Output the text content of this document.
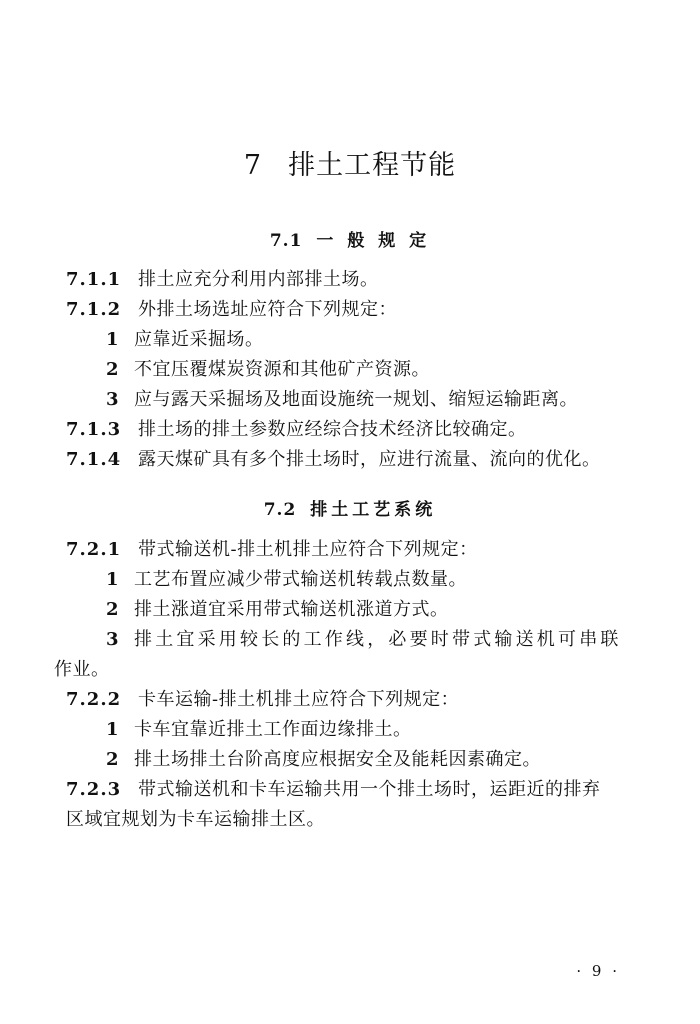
7 排土工程节能
7.1 一 般 规 定
7.1.1 排土应充分利用内部排土场。
7.1.2 外排土场选址应符合下列规定：
1 应靠近采掘场。
2 不宜压覆煤炭资源和其他矿产资源。
3 应与露天采掘场及地面设施统一规划、缩短运输距离。
7.1.3 排土场的排土参数应经综合技术经济比较确定。
7.1.4 露天煤矿具有多个排土场时，应进行流量、流向的优化。
7.2 排土工艺系统
7.2.1 带式输送机-排土机排土应符合下列规定：
1 工艺布置应减少带式输送机转载点数量。
2 排土涨道宜采用带式输送机涨道方式。
3 排土宜采用较长的工作线，必要时带式输送机可串联
作业。
7.2.2 卡车运输-排土机排土应符合下列规定：
1 卡车宜靠近排土工作面边缘排土。
2 排土场排土台阶高度应根据安全及能耗因素确定。
7.2.3 带式输送机和卡车运输共用一个排土场时，运距近的排弃
区域宜规划为卡车运输排土区。
· 9 ·
